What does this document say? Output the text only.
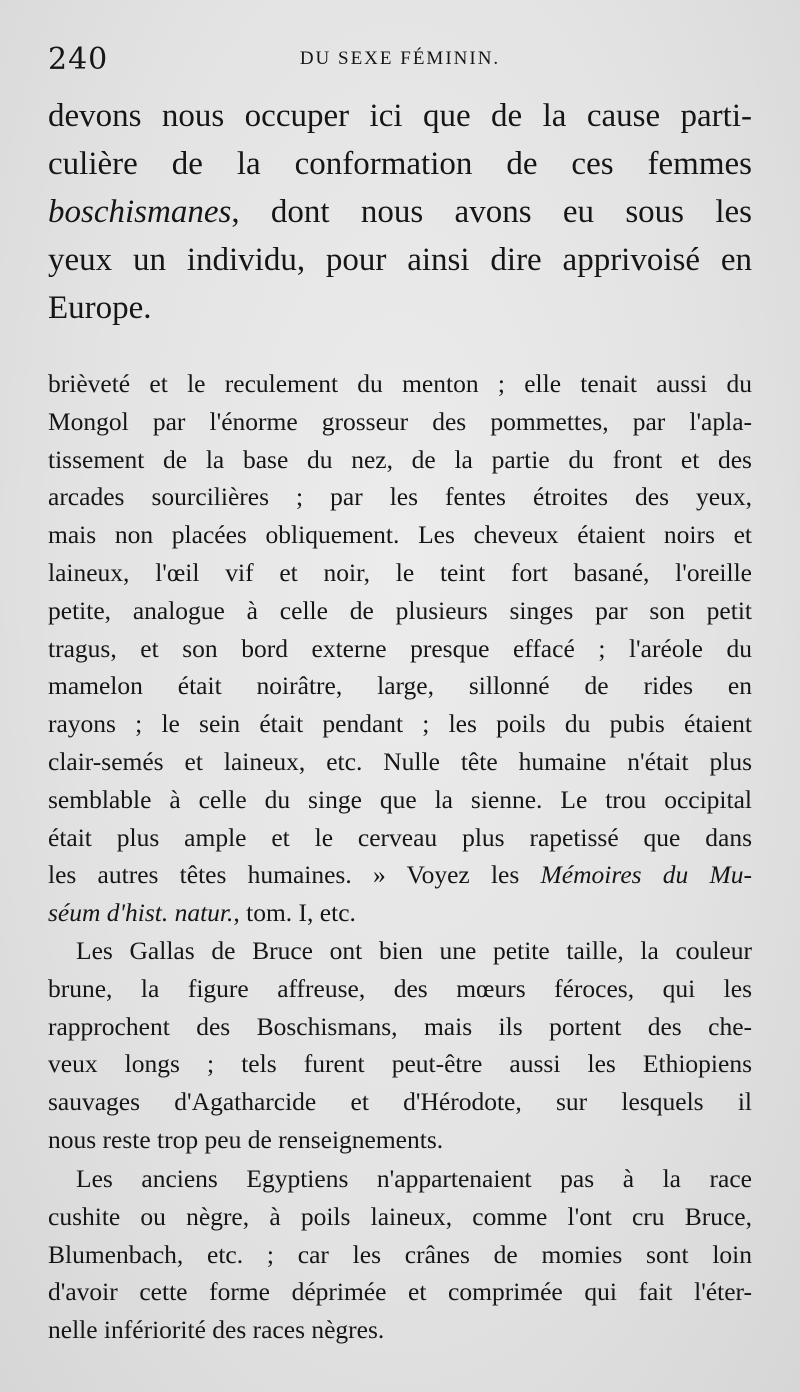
240	DU SEXE FÉMININ.
devons nous occuper ici que de la cause parti-
culière de la conformation de ces femmes
boschismanes, dont nous avons eu sous les
yeux un individu, pour ainsi dire apprivoisé en
Europe.
brièveté et le reculement du menton ; elle tenait aussi du
Mongol par l'énorme grosseur des pommettes, par l'apla-
tissement de la base du nez, de la partie du front et des
arcades sourcilières ; par les fentes étroites des yeux,
mais non placées obliquement. Les cheveux étaient noirs et
laineux, l'œil vif et noir, le teint fort basané, l'oreille
petite, analogue à celle de plusieurs singes par son petit
tragus, et son bord externe presque effacé ; l'aréole du
mamelon était noirâtre, large, sillonné de rides en
rayons ; le sein était pendant ; les poils du pubis étaient
clair-semés et laineux, etc. Nulle tête humaine n'était plus
semblable à celle du singe que la sienne. Le trou occipital
était plus ample et le cerveau plus rapetissé que dans
les autres têtes humaines. » Voyez les Mémoires du Mu-
séum d'hist. natur., tom. I, etc.
Les Gallas de Bruce ont bien une petite taille, la couleur
brune, la figure affreuse, des mœurs féroces, qui les
rapprochent des Boschismans, mais ils portent des che-
veux longs ; tels furent peut-être aussi les Ethiopiens
sauvages d'Agatharcide et d'Hérodote, sur lesquels il
nous reste trop peu de renseignements.
Les anciens Egyptiens n'appartenaient pas à la race
cushite ou nègre, à poils laineux, comme l'ont cru Bruce,
Blumenbach, etc. ; car les crânes de momies sont loin
d'avoir cette forme déprimée et comprimée qui fait l'éter-
nelle infériorité des races nègres.
